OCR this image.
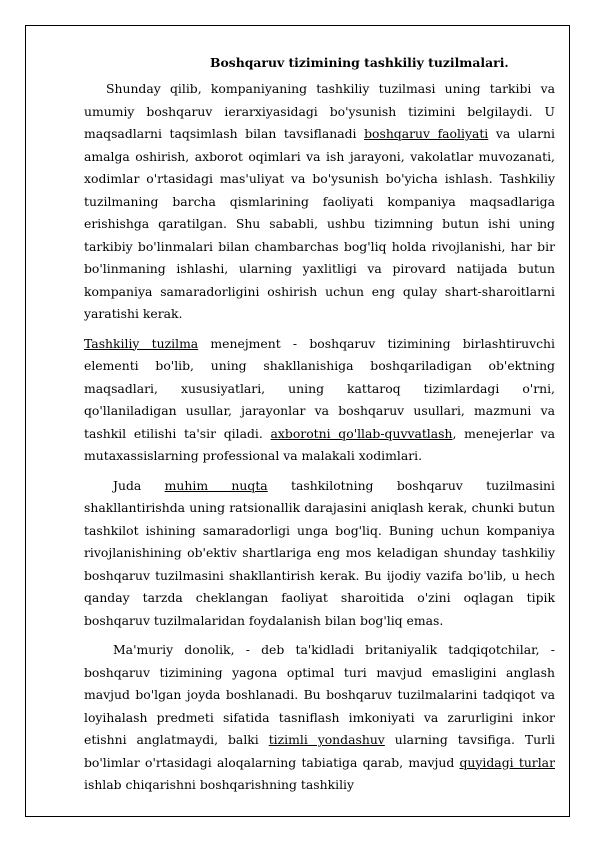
Boshqaruv tizimining tashkiliy tuzilmalari.

Shunday qilib, kompaniyaning tashkiliy tuzilmasi uning tarkibi va umumiy boshqaruv ierarxiyasidagi bo'ysunish tizimini belgilaydi. U maqsadlarni taqsimlash bilan tavsiflanadi boshqaruv faoliyati va ularni amalga oshirish, axborot oqimlari va ish jarayoni, vakolatlar muvozanati, xodimlar o'rtasidagi mas'uliyat va bo'ysunish bo'yicha ishlash. Tashkiliy tuzilmaning barcha qismlarining faoliyati kompaniya maqsadlariga erishishga qaratilgan. Shu sababli, ushbu tizimning butun ishi uning tarkibiy bo'linmalari bilan chambarchas bog'liq holda rivojlanishi, har bir bo'linmaning ishlashi, ularning yaxlitligi va pirovard natijada butun kompaniya samaradorligini oshirish uchun eng qulay shart-sharoitlarni yaratishi kerak.

Tashkiliy tuzilma menejment - boshqaruv tizimining birlashtiruvchi elementi bo'lib, uning shakllanishiga boshqariladigan ob'ektning maqsadlari, xususiyatlari, uning kattaroq tizimlardagi o'rni, qo'llaniladigan usullar, jarayonlar va boshqaruv usullari, mazmuni va tashkil etilishi ta'sir qiladi. axborotni qo'llab-quvvatlash, menejerlar va mutaxassislarning professional va malakali xodimlari.

Juda muhim nuqta tashkilotning boshqaruv tuzilmasini shakllantirishda uning ratsionallik darajasini aniqlash kerak, chunki butun tashkilot ishining samaradorligi unga bog'liq. Buning uchun kompaniya rivojlanishining ob'ektiv shartlariga eng mos keladigan shunday tashkiliy boshqaruv tuzilmasini shakllantirish kerak. Bu ijodiy vazifa bo'lib, u hech qanday tarzda cheklangan faoliyat sharoitida o'zini oqlagan tipik boshqaruv tuzilmalaridan foydalanish bilan bog'liq emas.

Ma'muriy donolik, - deb ta'kidladi britaniyalik tadqiqotchilar, - boshqaruv tizimining yagona optimal turi mavjud emasligini anglash mavjud bo'lgan joyda boshlanadi. Bu boshqaruv tuzilmalarini tadqiqot va loyihalash predmeti sifatida tasniflash imkoniyati va zarurligini inkor etishni anglatmaydi, balki tizimli yondashuv ularning tavsifiga. Turli bo'limlar o'rtasidagi aloqalarning tabiatiga qarab, mavjud quyidagi turlar ishlab chiqarishni boshqarishning tashkiliy
